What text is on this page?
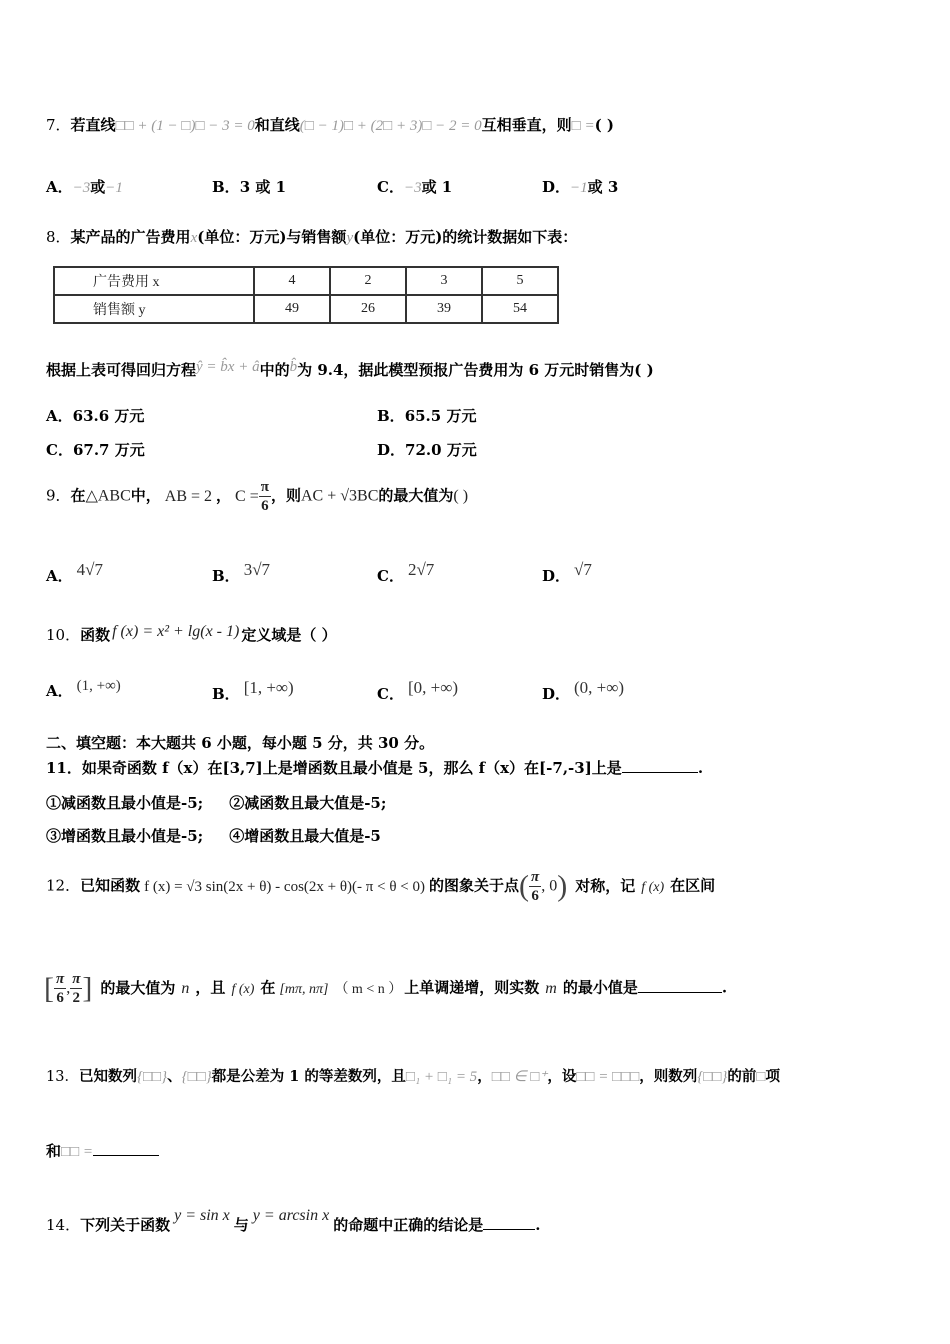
7．若直线□□ + (1 − □)□ − 3 = 0和直线(□ − 1)□ + (2□ + 3)□ − 2 = 0互相垂直，则□ =( )
A．−3或−1	B．3 或 1	C．−3或 1	D．−1或 3
8．某产品的广告费用x(单位：万元)与销售额y(单位：万元)的统计数据如下表：
广告费用 x	4	2	3	5
销售额 y	49	26	39	54
根据上表可得回归方程ŷ = b̂x + â中的b̂为 9.4，据此模型预报广告费用为 6 万元时销售为( )
A．63.6 万元	B．65.5 万元
C．67.7 万元	D．72.0 万元
9．在△ABC中， AB = 2 ， $C = \frac{\pi}{6}$ ，则AC + √3BC的最大值为( )
A． 4√7	B． 3√7	C． 2√7	D． √7
10．函数 f (x) = x² + lg(x - 1) 定义域是（ ）
A． (1, +∞)	B． [1, +∞)	C． [0, +∞)	D． (0, +∞)
二、填空题：本大题共 6 小题，每小题 5 分，共 30 分。
11．如果奇函数 f（x）在[3,7]上是增函数且最小值是 5，那么 f（x）在[-7,-3]上是	.
①减函数且最小值是-5; ②减函数且最大值是-5;
③增函数且最小值是-5; ④增函数且最大值是-5
12．已知函数 f (x) = √3 sin(2x + θ) - cos(2x + θ)(- π < θ < 0) 的图象关于点( $\frac{\pi}{6}$ , 0) 对称，记 f (x) 在区间
[ $\frac{\pi}{6}$ , $\frac{\pi}{2}$ ] 的最大值为 n ，且 f (x) 在 [mπ, nπ] （ m < n ） 上单调递增，则实数 m 的最小值是	.
13．已知数列{□□}、{□□}都是公差为 1 的等差数列，且□₁ + □₁ = 5，□□ ∈ □⁺，设□□ = □□□，则数列{□□}的前□项
和□□ =
14．下列关于函数y = sin x与y = arcsin x的命题中正确的结论是	.
